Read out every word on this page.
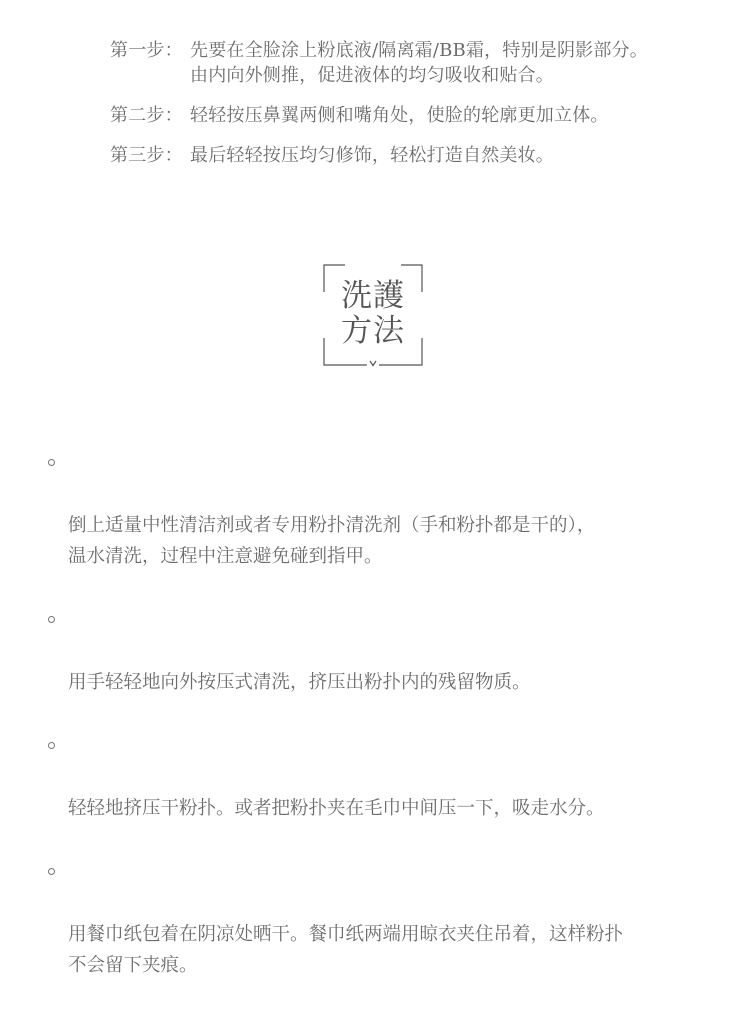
第一步： 先要在全脸涂上粉底液/隔离霜/BB霜，特别是阴影部分。
由内向外侧推，促进液体的均匀吸收和贴合。
第二步： 轻轻按压鼻翼两侧和嘴角处，使脸的轮廓更加立体。
第三步： 最后轻轻按压均匀修饰，轻松打造自然美妆。
洗護
方法

倒上适量中性清洁剂或者专用粉扑清洗剂（手和粉扑都是干的），
温水清洗，过程中注意避免碰到指甲。

用手轻轻地向外按压式清洗，挤压出粉扑内的残留物质。

轻轻地挤压干粉扑。或者把粉扑夹在毛巾中间压一下，吸走水分。

用餐巾纸包着在阴凉处晒干。餐巾纸两端用晾衣夹住吊着，这样粉扑
不会留下夹痕。
